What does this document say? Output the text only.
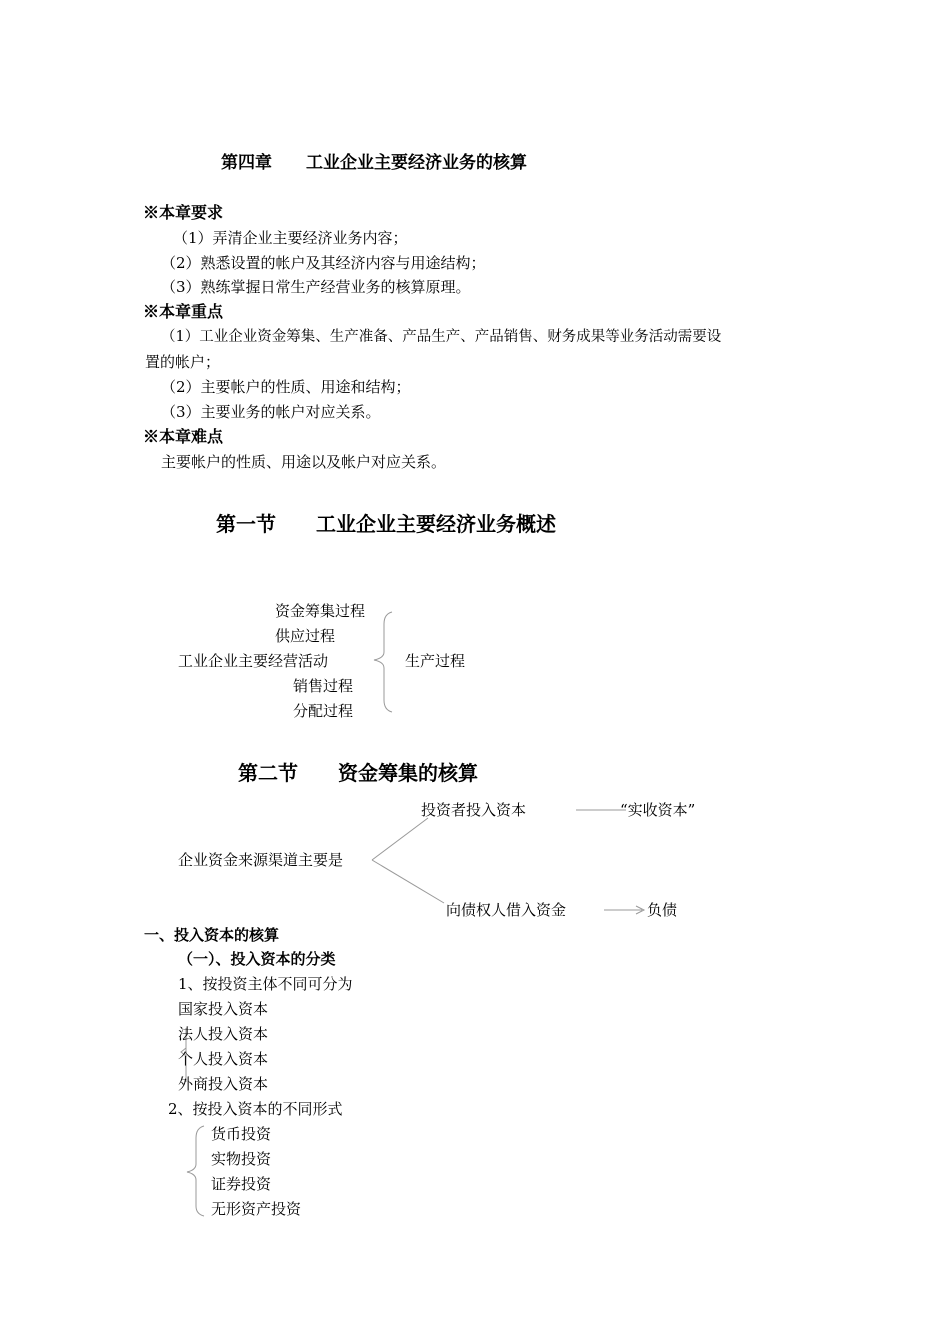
第四章　　工业企业主要经济业务的核算
※本章要求
（1）弄清企业主要经济业务内容；
（2）熟悉设置的帐户及其经济内容与用途结构；
（3）熟练掌握日常生产经营业务的核算原理。
※本章重点
（1）工业企业资金筹集、生产准备、产品生产、产品销售、财务成果等业务活动需要设
置的帐户；
（2）主要帐户的性质、用途和结构；
（3）主要业务的帐户对应关系。
※本章难点
主要帐户的性质、用途以及帐户对应关系。
第一节　　工业企业主要经济业务概述
资金筹集过程
供应过程
工业企业主要经营活动	生产过程
销售过程
分配过程
第二节　　资金筹集的核算
投资者投入资本	“实收资本”
企业资金来源渠道主要是
向债权人借入资金	负债
一、投入资本的核算
（一）、投入资本的分类
1、按投资主体不同可分为
国家投入资本
法人投入资本
个人投入资本
外商投入资本
2、按投入资本的不同形式
货币投资
实物投资
证券投资
无形资产投资
